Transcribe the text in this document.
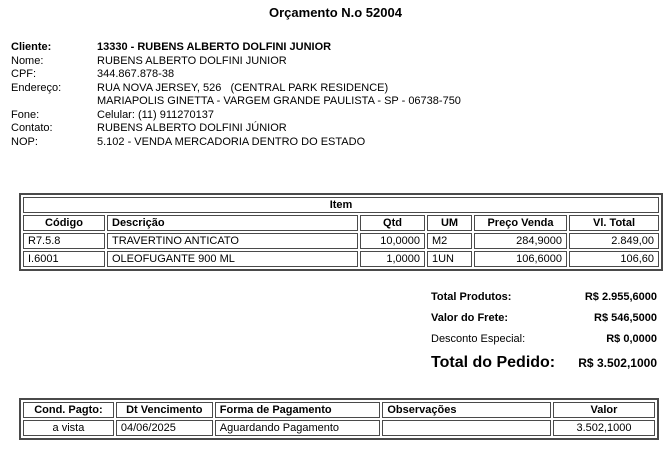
Orçamento N.o 52004
Cliente:	13330 - RUBENS ALBERTO DOLFINI JUNIOR
Nome:	RUBENS ALBERTO DOLFINI JUNIOR
CPF:	344.867.878-38
Endereço:	RUA NOVA JERSEY, 526   (CENTRAL PARK RESIDENCE)
MARIAPOLIS GINETTA - VARGEM GRANDE PAULISTA - SP - 06738-750
Fone:	Celular: (11) 911270137
Contato:	RUBENS ALBERTO DOLFINI JÚNIOR
NOP:	5.102 - VENDA MERCADORIA DENTRO DO ESTADO
Item					
Código	Descrição	Qtd	UM	Preço Venda	Vl. Total
R7.5.8	TRAVERTINO ANTICATO	10,0000	M2	284,9000	2.849,00
I.6001	OLEOFUGANTE 900 ML	1,0000	1UN	106,6000	106,60
Total Produtos:	R$ 2.955,6000
Valor do Frete:	R$ 546,5000
Desconto Especial:	R$ 0,0000
Total do Pedido: R$ 3.502,1000
Cond. Pagto:	Dt Vencimento	Forma de Pagamento	Observações	Valor
a vista	04/06/2025	Aguardando Pagamento		3.502,1000
